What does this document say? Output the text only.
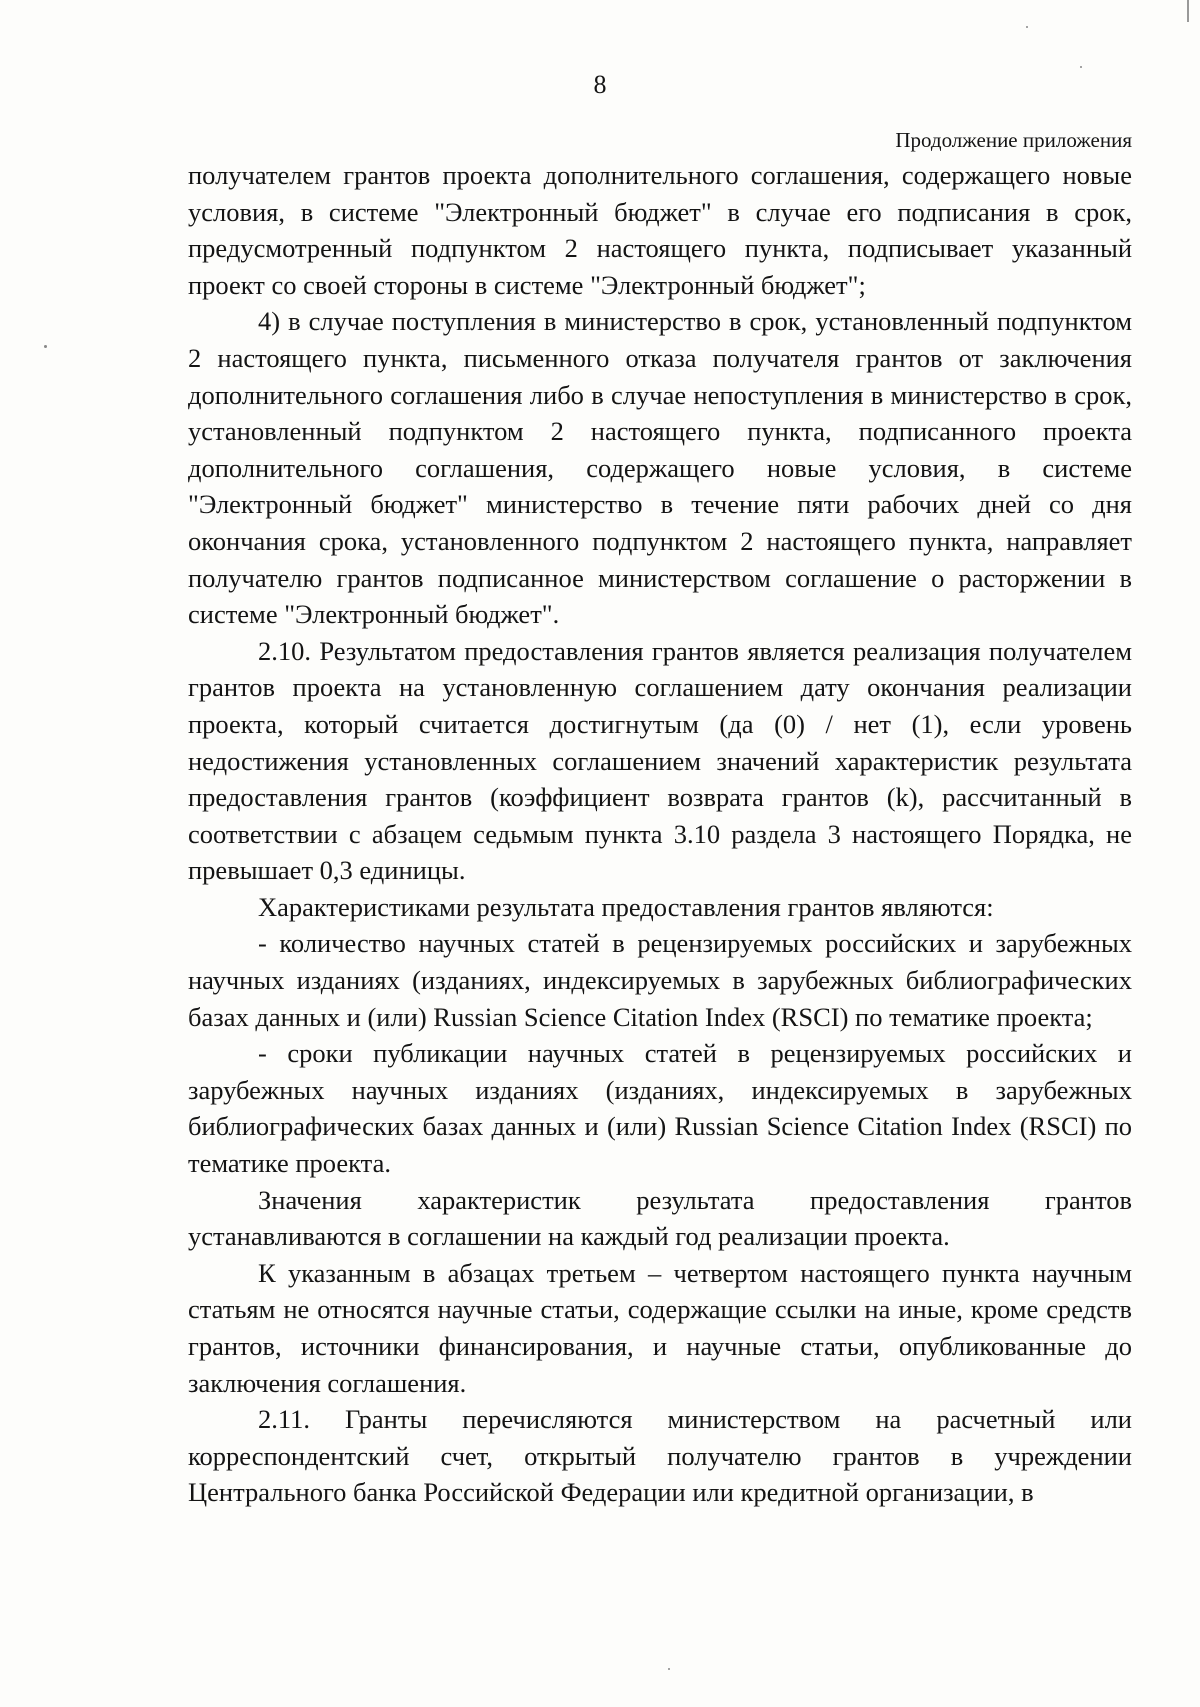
8
Продолжение приложения

получателем грантов проекта дополнительного соглашения, содержащего новые условия, в системе "Электронный бюджет" в случае его подписания в срок, предусмотренный подпунктом 2 настоящего пункта, подписывает указанный проект со своей стороны в системе "Электронный бюджет";

4) в случае поступления в министерство в срок, установленный подпунктом 2 настоящего пункта, письменного отказа получателя грантов от заключения дополнительного соглашения либо в случае непоступления в министерство в срок, установленный подпунктом 2 настоящего пункта, подписанного проекта дополнительного соглашения, содержащего новые условия, в системе "Электронный бюджет" министерство в течение пяти рабочих дней со дня окончания срока, установленного подпунктом 2 настоящего пункта, направляет получателю грантов подписанное министерством соглашение о расторжении в системе "Электронный бюджет".

2.10. Результатом предоставления грантов является реализация получателем грантов проекта на установленную соглашением дату окончания реализации проекта, который считается достигнутым (да (0) / нет (1), если уровень недостижения установленных соглашением значений характеристик результата предоставления грантов (коэффициент возврата грантов (k), рассчитанный в соответствии с абзацем седьмым пункта 3.10 раздела 3 настоящего Порядка, не превышает 0,3 единицы.

Характеристиками результата предоставления грантов являются:

- количество научных статей в рецензируемых российских и зарубежных научных изданиях (изданиях, индексируемых в зарубежных библиографических базах данных и (или) Russian Science Citation Index (RSCI) по тематике проекта;

- сроки публикации научных статей в рецензируемых российских и зарубежных научных изданиях (изданиях, индексируемых в зарубежных библиографических базах данных и (или) Russian Science Citation Index (RSCI) по тематике проекта.

Значения характеристик результата предоставления грантов устанавливаются в соглашении на каждый год реализации проекта.

К указанным в абзацах третьем – четвертом настоящего пункта научным статьям не относятся научные статьи, содержащие ссылки на иные, кроме средств грантов, источники финансирования, и научные статьи, опубликованные до заключения соглашения.

2.11. Гранты перечисляются министерством на расчетный или корреспондентский счет, открытый получателю грантов в учреждении Центрального банка Российской Федерации или кредитной организации, в
